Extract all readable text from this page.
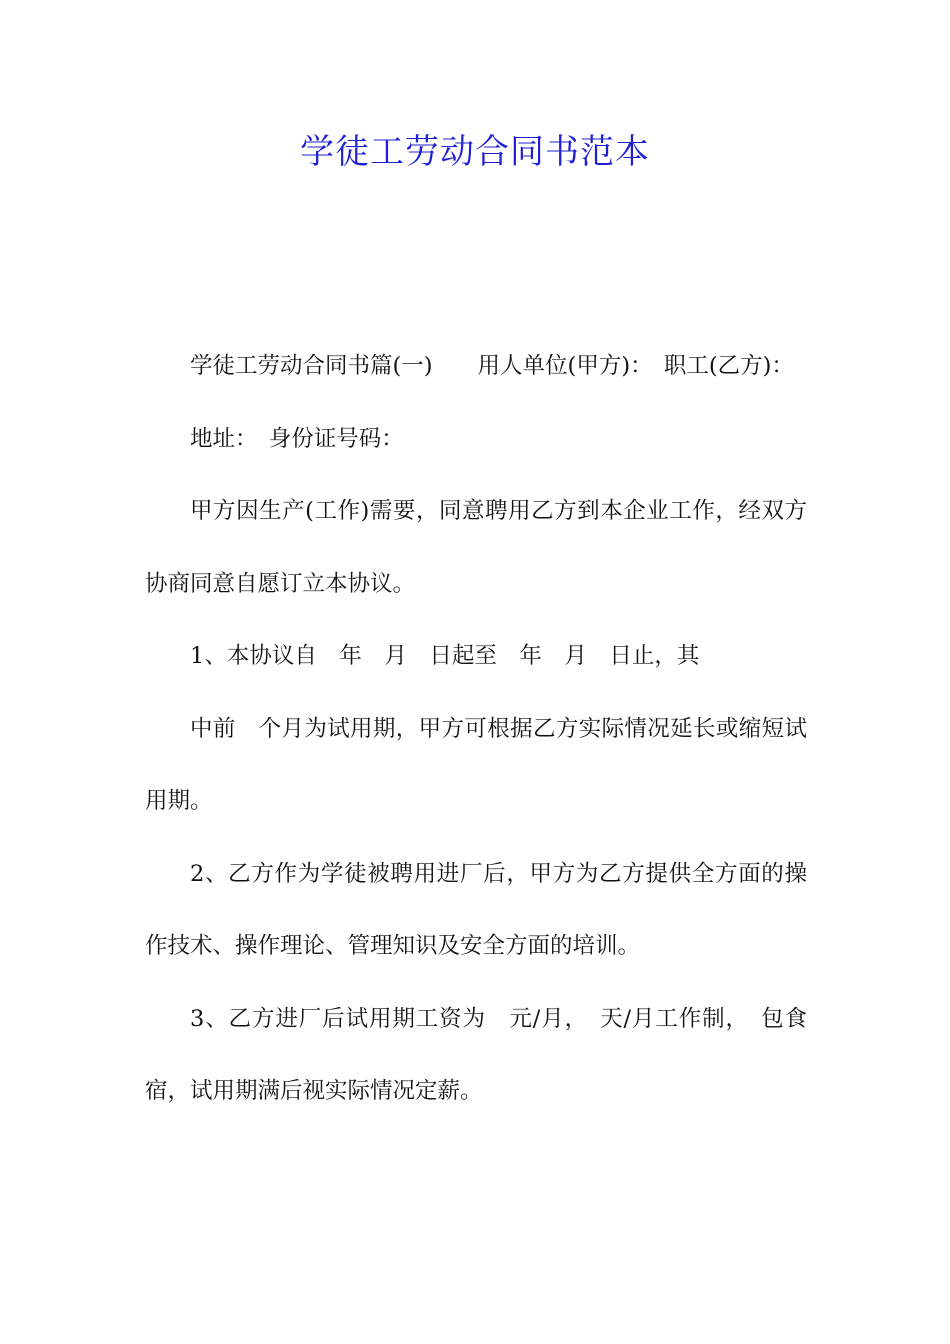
学徒工劳动合同书范本

学徒工劳动合同书篇(一)　　用人单位(甲方)：　职工(乙方)：

地址：　身份证号码：

甲方因生产(工作)需要，同意聘用乙方到本企业工作，经双方协商同意自愿订立本协议。

1、本协议自　年　月　日起至　年　月　日止，其

中前　个月为试用期，甲方可根据乙方实际情况延长或缩短试用期。

2、乙方作为学徒被聘用进厂后，甲方为乙方提供全方面的操作技术、操作理论、管理知识及安全方面的培训。

3、乙方进厂后试用期工资为　元/月，　天/月工作制，　包食宿，试用期满后视实际情况定薪。
